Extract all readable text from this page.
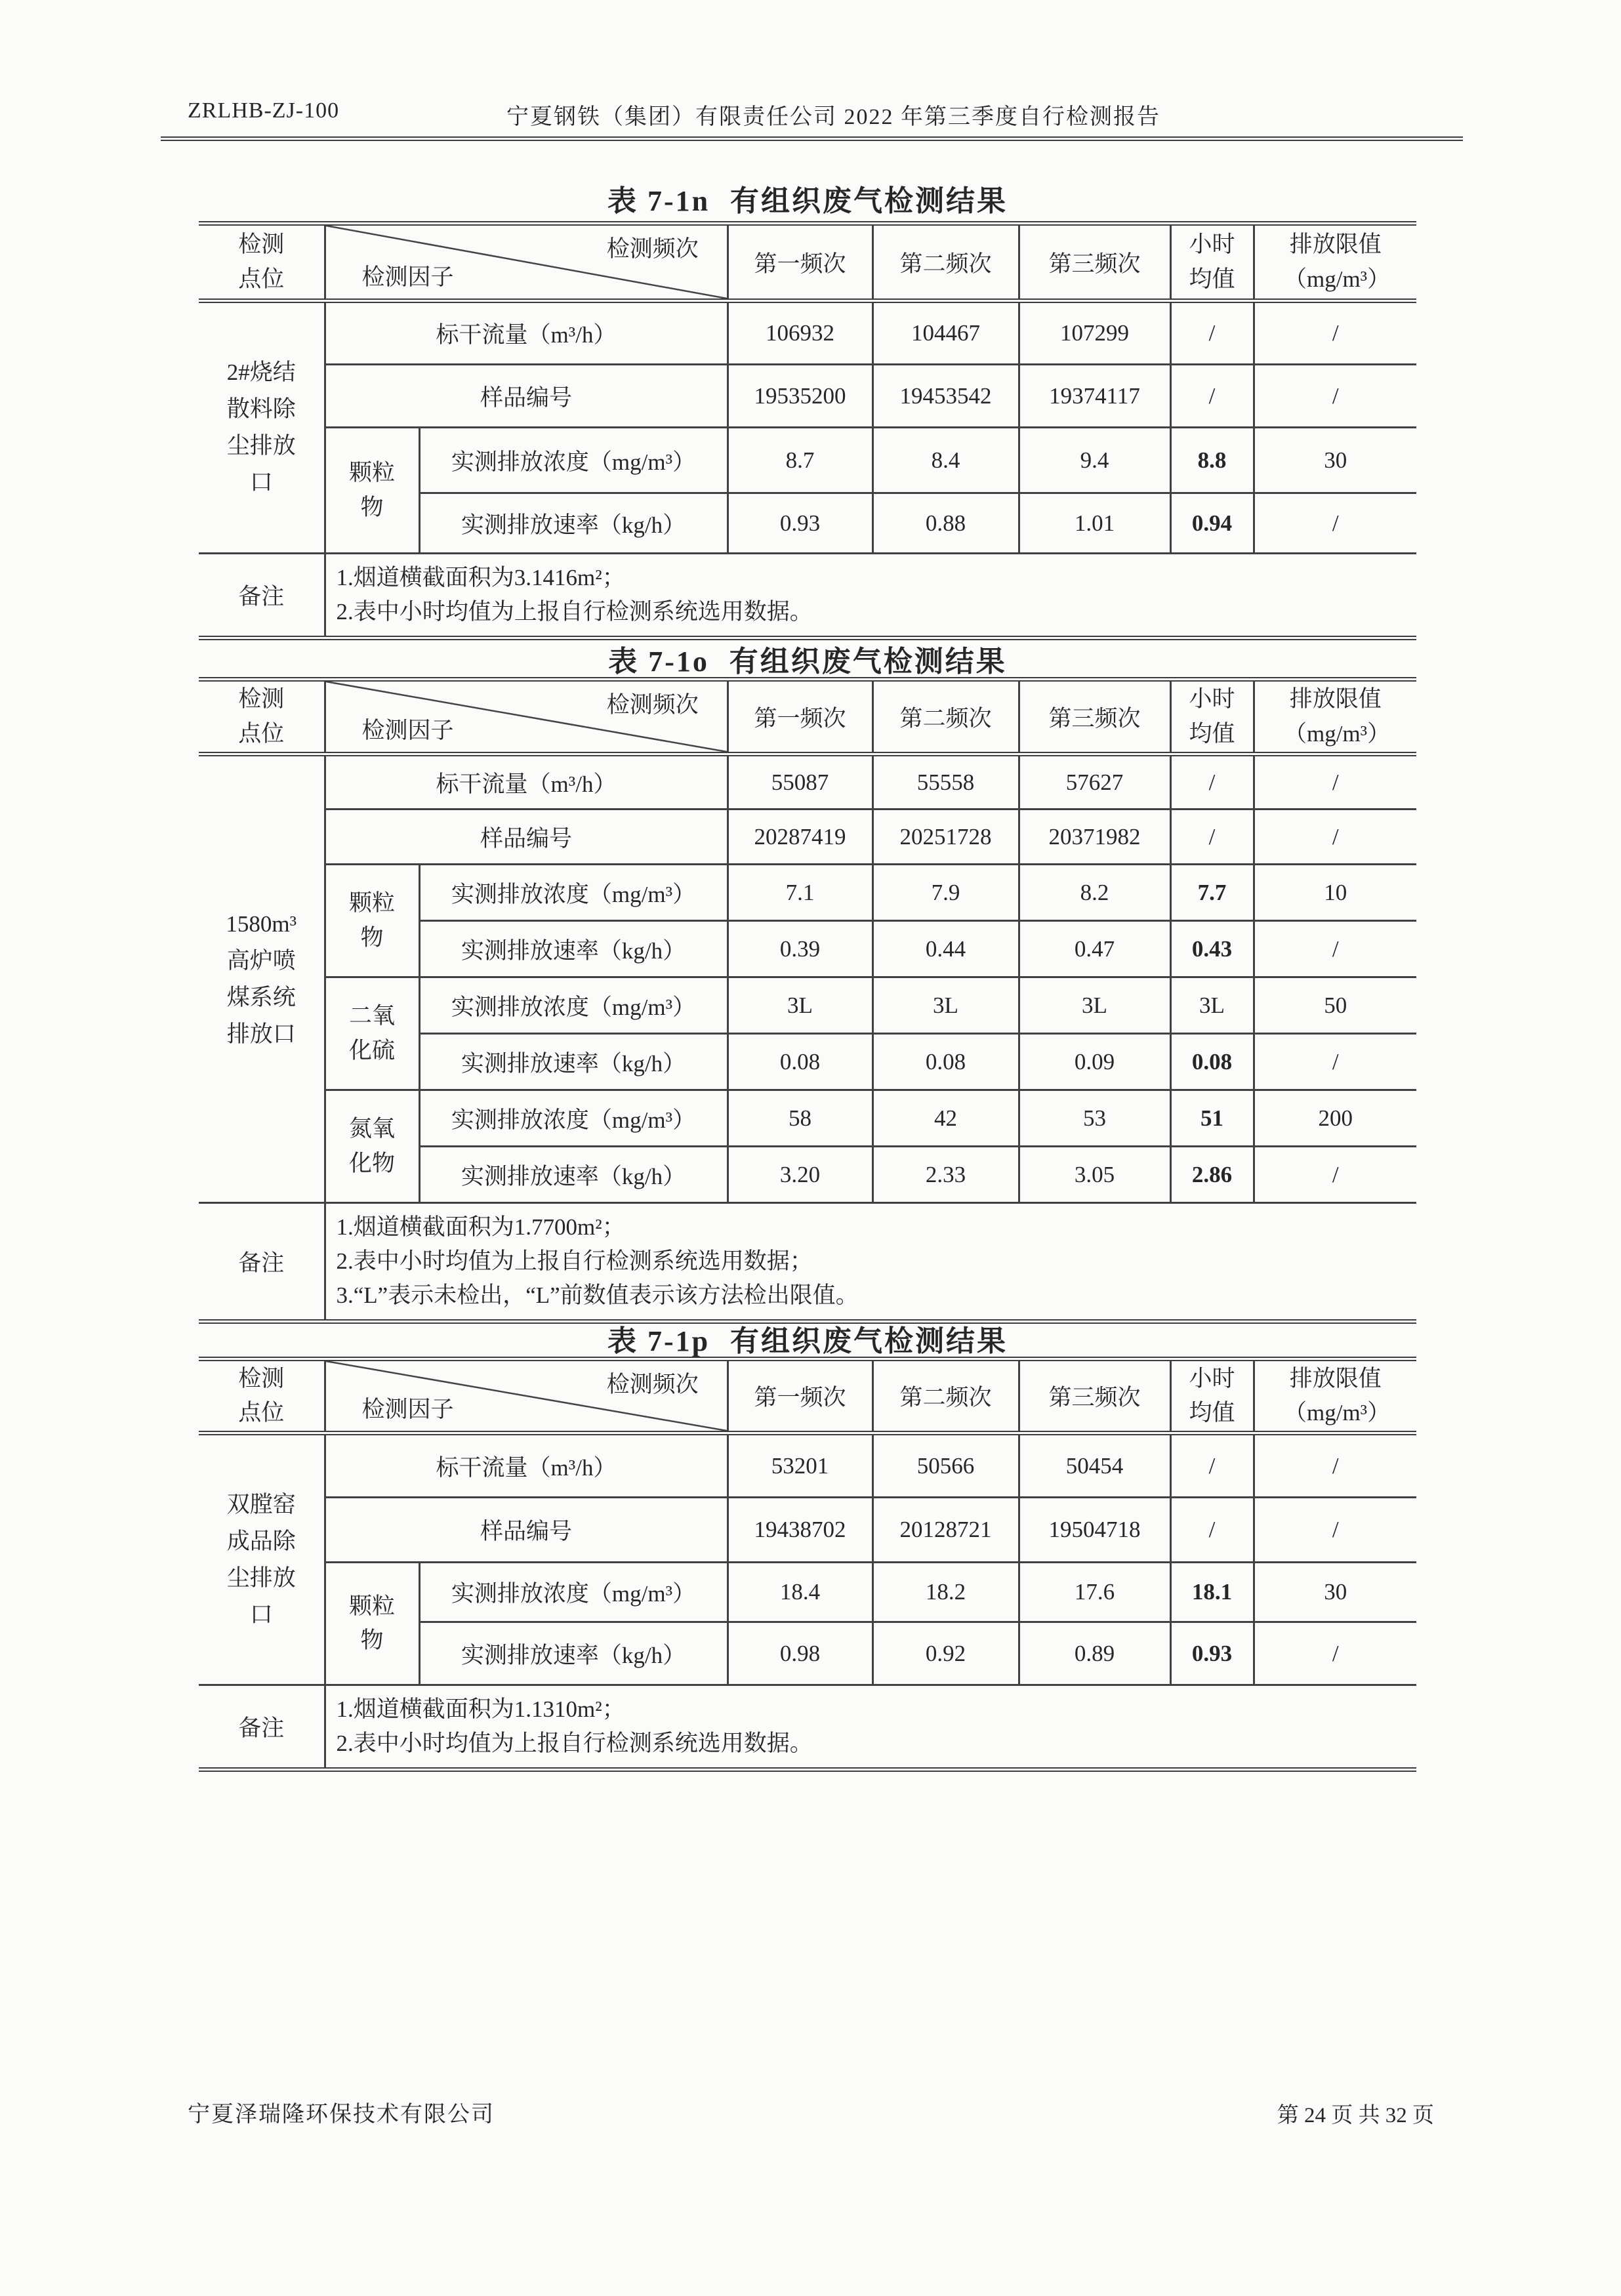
ZRLHB-ZJ-100	宁夏钢铁（集团）有限责任公司 2022 年第三季度自行检测报告
表 7-1n 有组织废气检测结果
检测点位	检测频次
检测因子		第一频次	第二频次	第三频次	小时均值	排放限值（mg/m³）
2#烧结散料除尘排放口	标干流量（m³/h）		106932	104467	107299	/	/
	样品编号		19535200	19453542	19374117	/	/
	颗粒物	实测排放浓度（mg/m³）	8.7	8.4	9.4	8.8	30
		实测排放速率（kg/h）	0.93	0.88	1.01	0.94	/
备注	1.烟道横截面积为3.1416m²；
2.表中小时均值为上报自行检测系统选用数据。						
表 7-1o 有组织废气检测结果
检测点位	检测频次
检测因子		第一频次	第二频次	第三频次	小时均值	排放限值（mg/m³）
1580m³高炉喷煤系统排放口	标干流量（m³/h）		55087	55558	57627	/	/
	样品编号		20287419	20251728	20371982	/	/
	颗粒物	实测排放浓度（mg/m³）	7.1	7.9	8.2	7.7	10
		实测排放速率（kg/h）	0.39	0.44	0.47	0.43	/
	二氧化硫	实测排放浓度（mg/m³）	3L	3L	3L	3L	50
		实测排放速率（kg/h）	0.08	0.08	0.09	0.08	/
	氮氧化物	实测排放浓度（mg/m³）	58	42	53	51	200
		实测排放速率（kg/h）	3.20	2.33	3.05	2.86	/
备注	1.烟道横截面积为1.7700m²；
2.表中小时均值为上报自行检测系统选用数据；
3.“L”表示未检出，“L”前数值表示该方法检出限值。						
表 7-1p 有组织废气检测结果
检测点位	检测频次
检测因子		第一频次	第二频次	第三频次	小时均值	排放限值（mg/m³）
双膛窑成品除尘排放口	标干流量（m³/h）		53201	50566	50454	/	/
	样品编号		19438702	20128721	19504718	/	/
	颗粒物	实测排放浓度（mg/m³）	18.4	18.2	17.6	18.1	30
		实测排放速率（kg/h）	0.98	0.92	0.89	0.93	/
备注	1.烟道横截面积为1.1310m²；
2.表中小时均值为上报自行检测系统选用数据。						
宁夏泽瑞隆环保技术有限公司	第 24 页 共 32 页
